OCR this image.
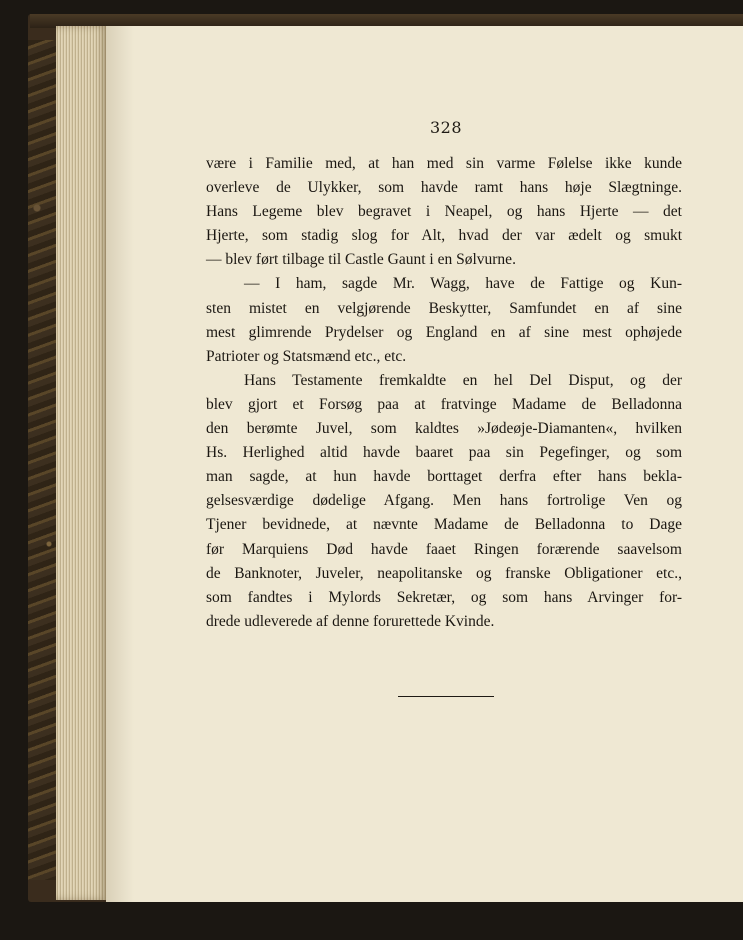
328
være i Familie med, at han med sin varme Følelse ikke kunde
overleve de Ulykker, som havde ramt hans høje Slægtninge.
Hans Legeme blev begravet i Neapel, og hans Hjerte — det
Hjerte, som stadig slog for Alt, hvad der var ædelt og smukt
— blev ført tilbage til Castle Gaunt i en Sølvurne.
— I ham, sagde Mr. Wagg, have de Fattige og Kun-
sten mistet en velgjørende Beskytter, Samfundet en af sine
mest glimrende Prydelser og England en af sine mest ophøjede
Patrioter og Statsmænd etc., etc.
Hans Testamente fremkaldte en hel Del Disput, og der
blev gjort et Forsøg paa at fratvinge Madame de Belladonna
den berømte Juvel, som kaldtes »Jødeøje-Diamanten«, hvilken
Hs. Herlighed altid havde baaret paa sin Pegefinger, og som
man sagde, at hun havde borttaget derfra efter hans bekla-
gelsesværdige dødelige Afgang. Men hans fortrolige Ven og
Tjener bevidnede, at nævnte Madame de Belladonna to Dage
før Marquiens Død havde faaet Ringen forærende saavelsom
de Banknoter, Juveler, neapolitanske og franske Obligationer etc.,
som fandtes i Mylords Sekretær, og som hans Arvinger for-
drede udleverede af denne forurettede Kvinde.
